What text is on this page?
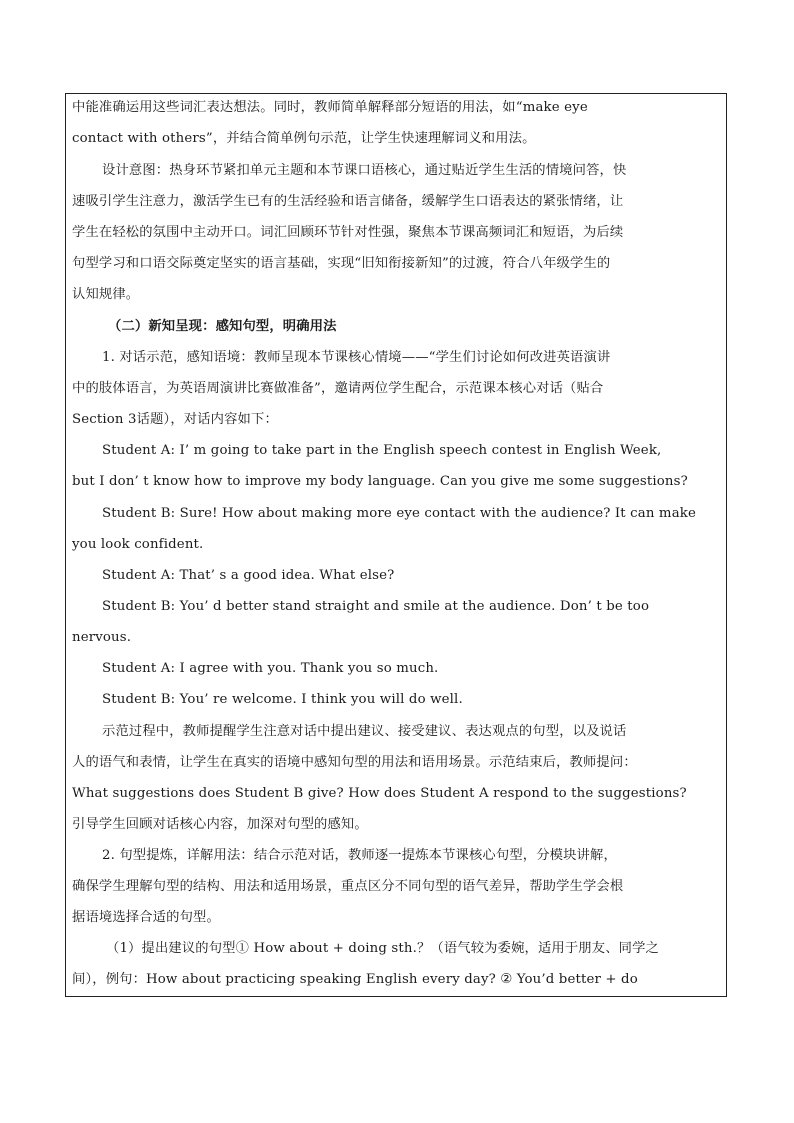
中能准确运用这些词汇表达想法。同时，教师简单解释部分短语的用法，如“make eye
contact with others”，并结合简单例句示范，让学生快速理解词义和用法。
设计意图：热身环节紧扣单元主题和本节课口语核心，通过贴近学生生活的情境问答，快
速吸引学生注意力，激活学生已有的生活经验和语言储备，缓解学生口语表达的紧张情绪，让
学生在轻松的氛围中主动开口。词汇回顾环节针对性强，聚焦本节课高频词汇和短语，为后续
句型学习和口语交际奠定坚实的语言基础，实现“旧知衔接新知”的过渡，符合八年级学生的
认知规律。
（二）新知呈现：感知句型，明确用法
1. 对话示范，感知语境：教师呈现本节课核心情境——“学生们讨论如何改进英语演讲
中的肢体语言，为英语周演讲比赛做准备”，邀请两位学生配合，示范课本核心对话（贴合
Section 3话题），对话内容如下：
Student A: I’ m going to take part in the English speech contest in English Week,
but I don’ t know how to improve my body language. Can you give me some suggestions?
Student B: Sure! How about making more eye contact with the audience? It can make
you look confident.
Student A: That’ s a good idea. What else?
Student B: You’ d better stand straight and smile at the audience. Don’ t be too
nervous.
Student A: I agree with you. Thank you so much.
Student B: You’ re welcome. I think you will do well.
示范过程中，教师提醒学生注意对话中提出建议、接受建议、表达观点的句型，以及说话
人的语气和表情，让学生在真实的语境中感知句型的用法和语用场景。示范结束后，教师提问：
What suggestions does Student B give? How does Student A respond to the suggestions?
引导学生回顾对话核心内容，加深对句型的感知。
2. 句型提炼，详解用法：结合示范对话，教师逐一提炼本节课核心句型，分模块讲解，
确保学生理解句型的结构、用法和适用场景，重点区分不同句型的语气差异，帮助学生学会根
据语境选择合适的句型。
（1）提出建议的句型① How about + doing sth.？（语气较为委婉，适用于朋友、同学之
间），例句：How about practicing speaking English every day? ② You’d better + do
